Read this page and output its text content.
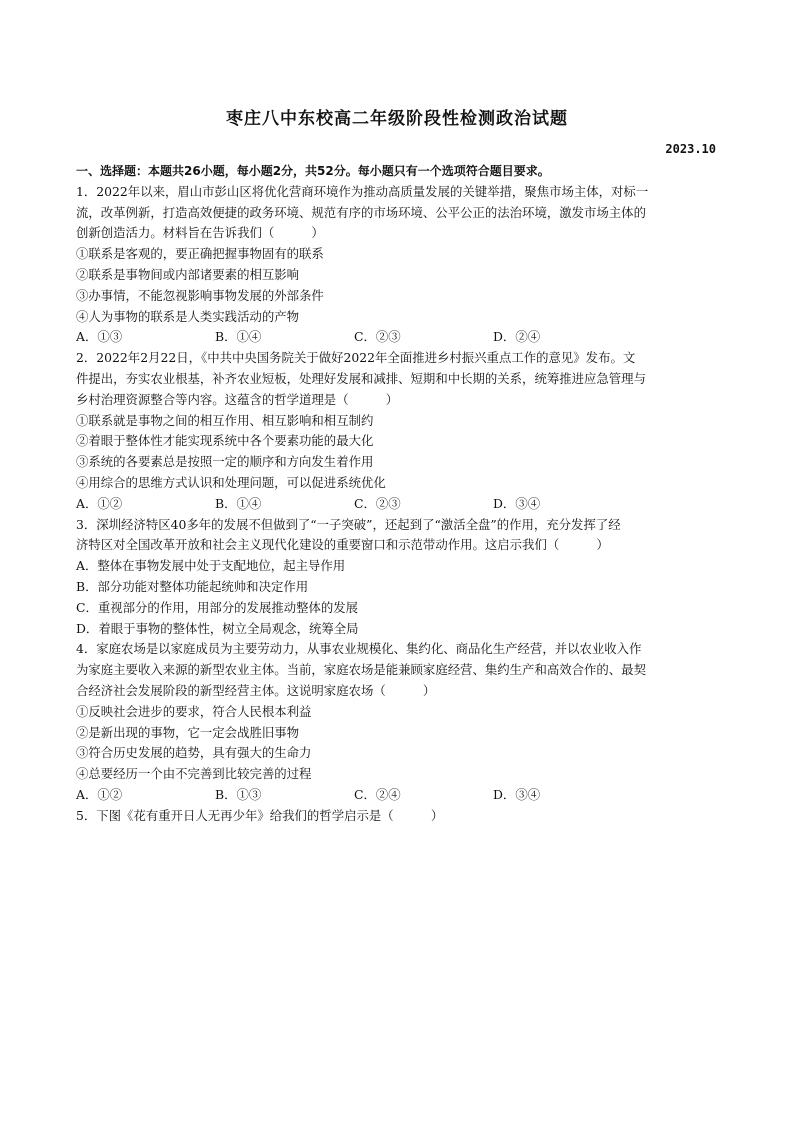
枣庄八中东校高二年级阶段性检测政治试题
2023.10
一、选择题：本题共26小题，每小题2分，共52分。每小题只有一个选项符合题目要求。
1．2022年以来，眉山市彭山区将优化营商环境作为推动高质量发展的关键举措，聚焦市场主体，对标一
流，改革例新，打造高效便捷的政务环境、规范有序的市场环境、公平公正的法治环境，激发市场主体的
创新创造活力。材料旨在告诉我们（　　　）
①联系是客观的，要正确把握事物固有的联系
②联系是事物间或内部诸要素的相互影响
③办事情，不能忽视影响事物发展的外部条件
④人为事物的联系是人类实践活动的产物
A．①③	B．①④	C．②③	D．②④
2．2022年2月22日，《中共中央国务院关于做好2022年全面推进乡村振兴重点工作的意见》发布。文
件提出，夯实农业根基，补齐农业短板，处理好发展和减排、短期和中长期的关系，统筹推进应急管理与
乡村治理资源整合等内容。这蕴含的哲学道理是（　　　）
①联系就是事物之间的相互作用、相互影响和相互制约
②着眼于整体性才能实现系统中各个要素功能的最大化
③系统的各要素总是按照一定的顺序和方向发生着作用
④用综合的思维方式认识和处理问题，可以促进系统优化
A．①②	B．①④	C．②③	D．③④
3．深圳经济特区40多年的发展不但做到了“一子突破”，还起到了“激活全盘”的作用，充分发挥了经
济特区对全国改革开放和社会主义现代化建设的重要窗口和示范带动作用。这启示我们（　　　）
A．整体在事物发展中处于支配地位，起主导作用
B．部分功能对整体功能起统帅和决定作用
C．重视部分的作用，用部分的发展推动整体的发展
D．着眼于事物的整体性，树立全局观念，统筹全局
4．家庭农场是以家庭成员为主要劳动力，从事农业规模化、集约化、商品化生产经营，并以农业收入作
为家庭主要收入来源的新型农业主体。当前，家庭农场是能兼顾家庭经营、集约生产和高效合作的、最契
合经济社会发展阶段的新型经营主体。这说明家庭农场（　　　）
①反映社会进步的要求，符合人民根本利益
②是新出现的事物，它一定会战胜旧事物
③符合历史发展的趋势，具有强大的生命力
④总要经历一个由不完善到比较完善的过程
A．①②	B．①③	C．②④	D．③④
5．下图《花有重开日人无再少年》给我们的哲学启示是（　　　）
